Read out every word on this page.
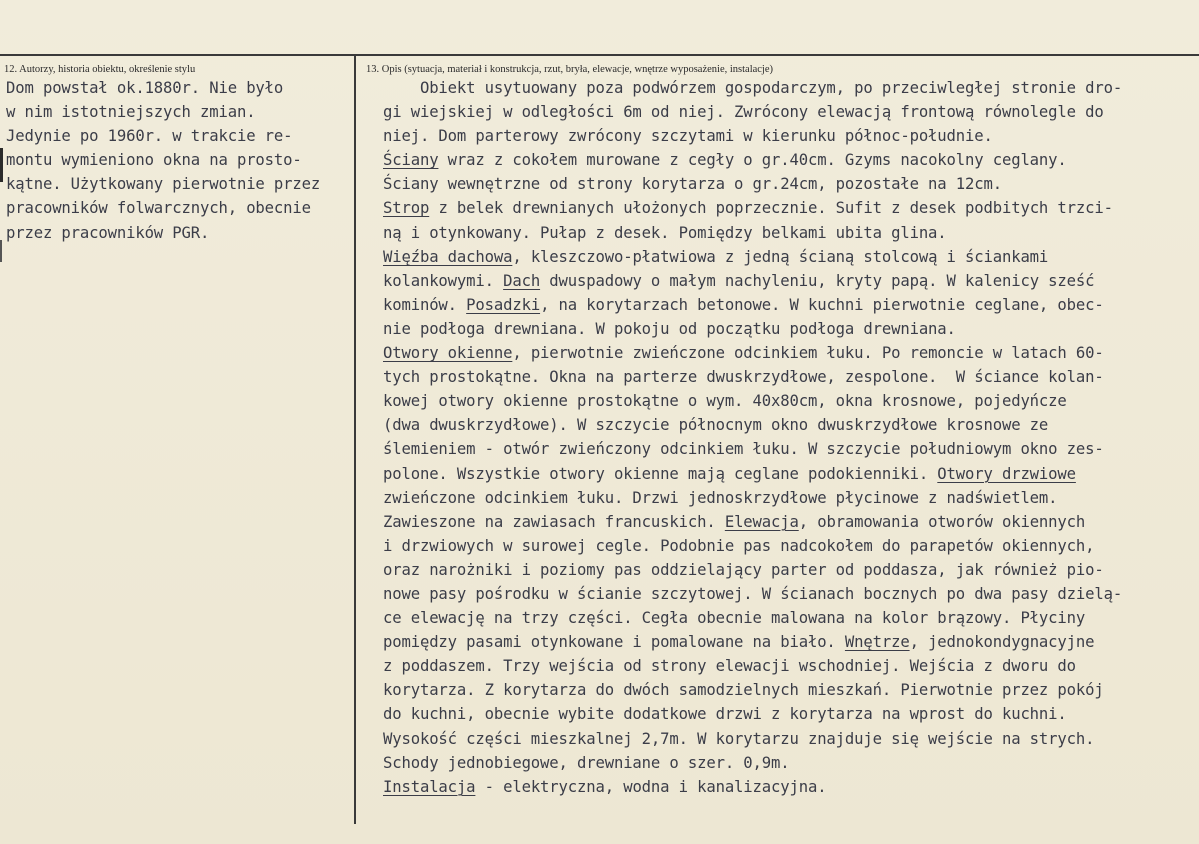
12. Autorzy, historia obiektu, określenie stylu	13. Opis (sytuacja, materiał i konstrukcja, rzut, bryła, elewacje, wnętrze wyposażenie, instalacje)
Dom powstał ok.1880r. Nie było
w nim istotniejszych zmian.
Jedynie po 1960r. w trakcie re-
montu wymieniono okna na prosto-
kątne. Użytkowany pierwotnie przez
pracowników folwarcznych, obecnie
przez pracowników PGR.
Obiekt usytuowany poza podwórzem gospodarczym, po przeciwległej stronie dro-
gi wiejskiej w odległości 6m od niej. Zwrócony elewacją frontową równolegle do
niej. Dom parterowy zwrócony szczytami w kierunku północ-południe.
Ściany wraz z cokołem murowane z cegły o gr.40cm. Gzyms nacokolny ceglany.
Ściany wewnętrzne od strony korytarza o gr.24cm, pozostałe na 12cm.
Strop z belek drewnianych ułożonych poprzecznie. Sufit z desek podbitych trzci-
ną i otynkowany. Pułap z desek. Pomiędzy belkami ubita glina.
Więźba dachowa, kleszczowo-płatwiowa z jedną ścianą stolcową i ściankami
kolankowymi. Dach dwuspadowy o małym nachyleniu, kryty papą. W kalenicy sześć
kominów. Posadzki, na korytarzach betonowe. W kuchni pierwotnie ceglane, obec-
nie podłoga drewniana. W pokoju od początku podłoga drewniana.
Otwory okienne, pierwotnie zwieńczone odcinkiem łuku. Po remoncie w latach 60-
tych prostokątne. Okna na parterze dwuskrzydłowe, zespolone.  W ściance kolan-
kowej otwory okienne prostokątne o wym. 40x80cm, okna krosnowe, pojedyńcze
(dwa dwuskrzydłowe). W szczycie północnym okno dwuskrzydłowe krosnowe ze
ślemieniem - otwór zwieńczony odcinkiem łuku. W szczycie południowym okno zes-
polone. Wszystkie otwory okienne mają ceglane podokienniki. Otwory drzwiowe
zwieńczone odcinkiem łuku. Drzwi jednoskrzydłowe płycinowe z nadświetlem.
Zawieszone na zawiasach francuskich. Elewacja, obramowania otworów okiennych
i drzwiowych w surowej cegle. Podobnie pas nadcokołem do parapetów okiennych,
oraz narożniki i poziomy pas oddzielający parter od poddasza, jak również pio-
nowe pasy pośrodku w ścianie szczytowej. W ścianach bocznych po dwa pasy dzielą-
ce elewację na trzy części. Cegła obecnie malowana na kolor brązowy. Płyciny
pomiędzy pasami otynkowane i pomalowane na biało. Wnętrze, jednokondygnacyjne
z poddaszem. Trzy wejścia od strony elewacji wschodniej. Wejścia z dworu do
korytarza. Z korytarza do dwóch samodzielnych mieszkań. Pierwotnie przez pokój
do kuchni, obecnie wybite dodatkowe drzwi z korytarza na wprost do kuchni.
Wysokość części mieszkalnej 2,7m. W korytarzu znajduje się wejście na strych.
Schody jednobiegowe, drewniane o szer. 0,9m.
Instalacja - elektryczna, wodna i kanalizacyjna.
